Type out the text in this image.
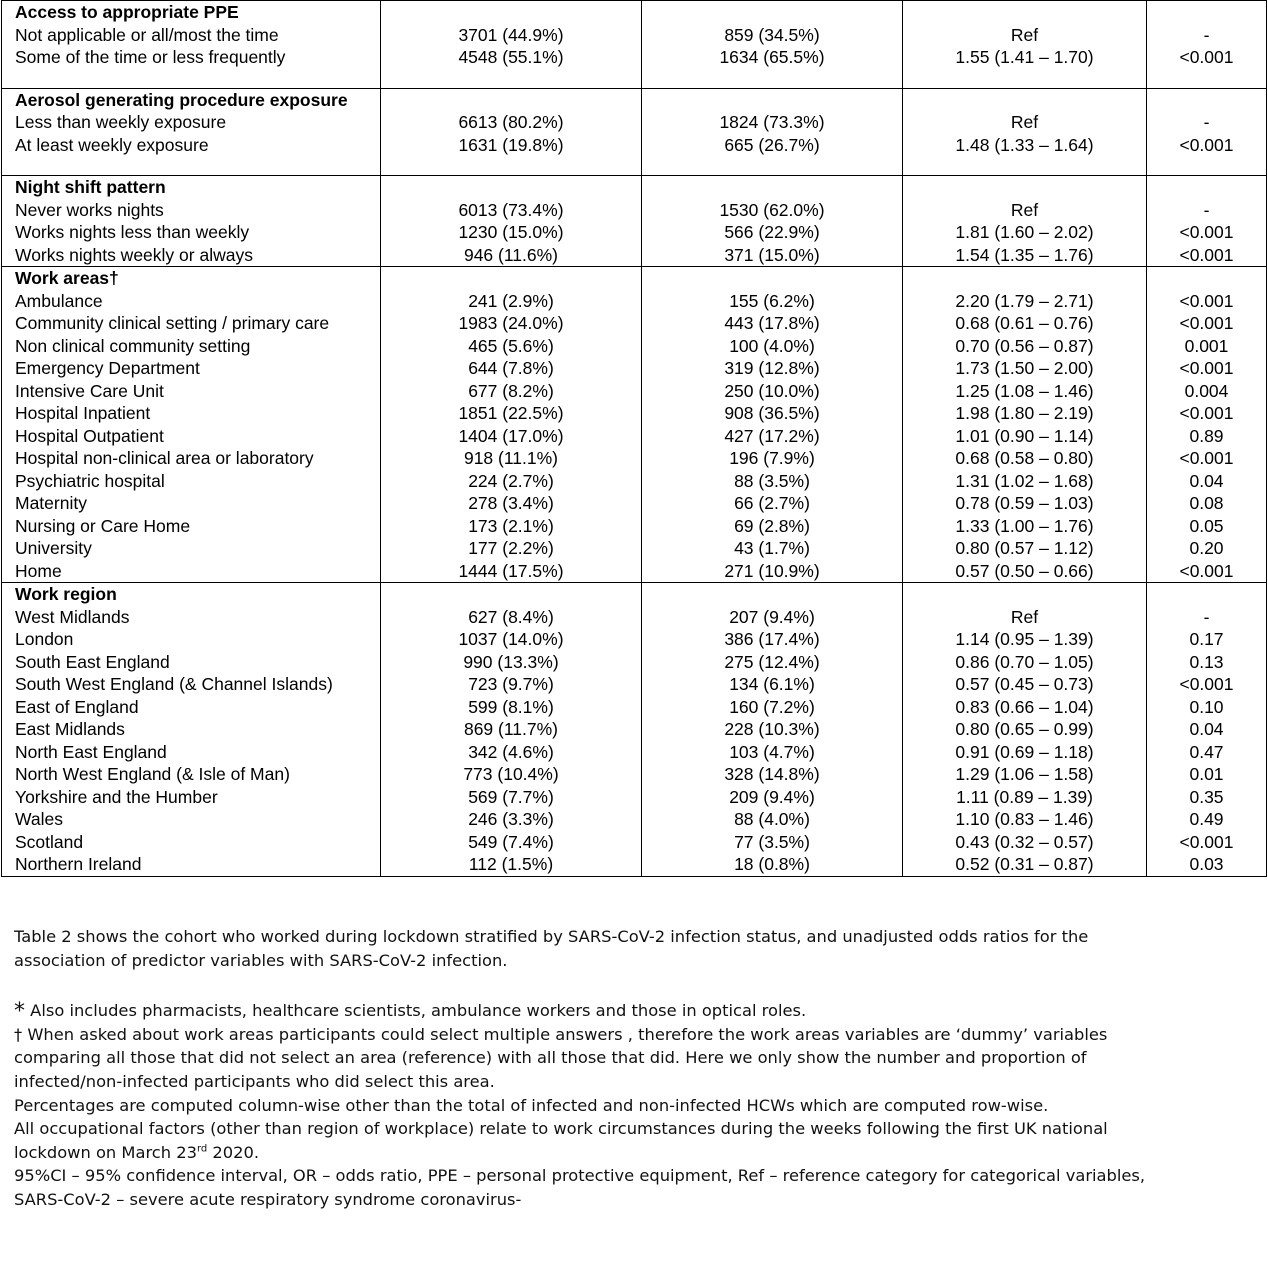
Access to appropriate PPE				
Not applicable or all/most the time	3701 (44.9%)	859 (34.5%)	Ref	-
Some of the time or less frequently	4548 (55.1%)	1634 (65.5%)	1.55 (1.41 – 1.70)	<0.001

Aerosol generating procedure exposure				
Less than weekly exposure	6613 (80.2%)	1824 (73.3%)	Ref	-
At least weekly exposure	1631 (19.8%)	665 (26.7%)	1.48 (1.33 – 1.64)	<0.001

Night shift pattern				
Never works nights	6013 (73.4%)	1530 (62.0%)	Ref	-
Works nights less than weekly	1230 (15.0%)	566 (22.9%)	1.81 (1.60 – 2.02)	<0.001
Works nights weekly or always	946 (11.6%)	371 (15.0%)	1.54 (1.35 – 1.76)	<0.001
Work areas†				
Ambulance	241 (2.9%)	155 (6.2%)	2.20 (1.79 – 2.71)	<0.001
Community clinical setting / primary care	1983 (24.0%)	443 (17.8%)	0.68 (0.61 – 0.76)	<0.001
Non clinical community setting	465 (5.6%)	100 (4.0%)	0.70 (0.56 – 0.87)	0.001
Emergency Department	644 (7.8%)	319 (12.8%)	1.73 (1.50 – 2.00)	<0.001
Intensive Care Unit	677 (8.2%)	250 (10.0%)	1.25 (1.08 – 1.46)	0.004
Hospital Inpatient	1851 (22.5%)	908 (36.5%)	1.98 (1.80 – 2.19)	<0.001
Hospital Outpatient	1404 (17.0%)	427 (17.2%)	1.01 (0.90 – 1.14)	0.89
Hospital non-clinical area or laboratory	918 (11.1%)	196 (7.9%)	0.68 (0.58 – 0.80)	<0.001
Psychiatric hospital	224 (2.7%)	88 (3.5%)	1.31 (1.02 – 1.68)	0.04
Maternity	278 (3.4%)	66 (2.7%)	0.78 (0.59 – 1.03)	0.08
Nursing or Care Home	173 (2.1%)	69 (2.8%)	1.33 (1.00 – 1.76)	0.05
University	177 (2.2%)	43 (1.7%)	0.80 (0.57 – 1.12)	0.20
Home	1444 (17.5%)	271 (10.9%)	0.57 (0.50 – 0.66)	<0.001
Work region				
West Midlands	627 (8.4%)	207 (9.4%)	Ref	-
London	1037 (14.0%)	386 (17.4%)	1.14 (0.95 – 1.39)	0.17
South East England	990 (13.3%)	275 (12.4%)	0.86 (0.70 – 1.05)	0.13
South West England (& Channel Islands)	723 (9.7%)	134 (6.1%)	0.57 (0.45 – 0.73)	<0.001
East of England	599 (8.1%)	160 (7.2%)	0.83 (0.66 – 1.04)	0.10
East Midlands	869 (11.7%)	228 (10.3%)	0.80 (0.65 – 0.99)	0.04
North East England	342 (4.6%)	103 (4.7%)	0.91 (0.69 – 1.18)	0.47
North West England (& Isle of Man)	773 (10.4%)	328 (14.8%)	1.29 (1.06 – 1.58)	0.01
Yorkshire and the Humber	569 (7.7%)	209 (9.4%)	1.11 (0.89 – 1.39)	0.35
Wales	246 (3.3%)	88 (4.0%)	1.10 (0.83 – 1.46)	0.49
Scotland	549 (7.4%)	77 (3.5%)	0.43 (0.32 – 0.57)	<0.001
Northern Ireland	112 (1.5%)	18 (0.8%)	0.52 (0.31 – 0.87)	0.03

Table 2 shows the cohort who worked during lockdown stratified by SARS-CoV-2 infection status, and unadjusted odds ratios for the association of predictor variables with SARS-CoV-2 infection.

* Also includes pharmacists, healthcare scientists, ambulance workers and those in optical roles.

† When asked about work areas participants could select multiple answers , therefore the work areas variables are ‘dummy’ variables comparing all those that did not select an area (reference) with all those that did. Here we only show the number and proportion of infected/non-infected participants who did select this area.

Percentages are computed column-wise other than the total of infected and non-infected HCWs which are computed row-wise.

All occupational factors (other than region of workplace) relate to work circumstances during the weeks following the first UK national lockdown on March 23rd 2020.

95%CI – 95% confidence interval, OR – odds ratio, PPE – personal protective equipment, Ref – reference category for categorical variables, SARS-CoV-2 – severe acute respiratory syndrome coronavirus-
